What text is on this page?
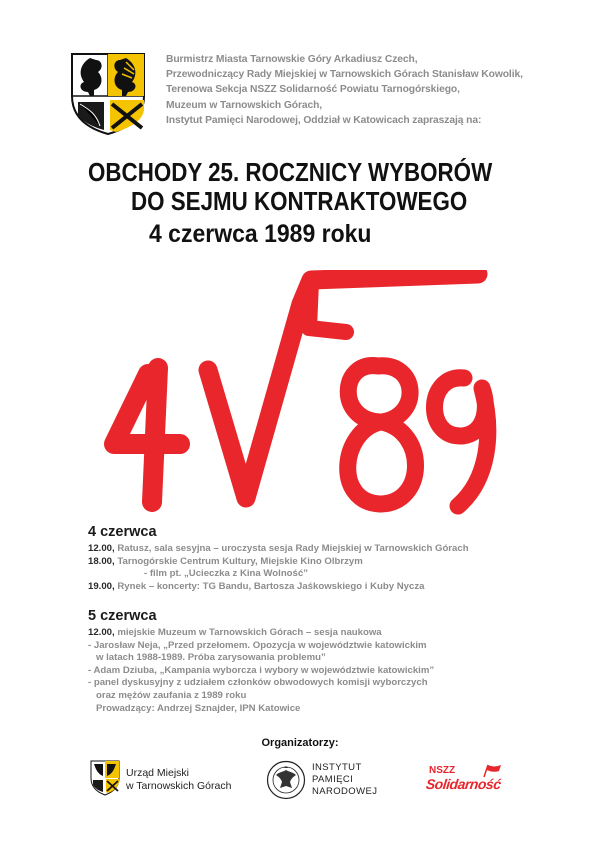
Burmistrz Miasta Tarnowskie Góry Arkadiusz Czech,
Przewodniczący Rady Miejskiej w Tarnowskich Górach Stanisław Kowolik,
Terenowa Sekcja NSZZ Solidarność Powiatu Tarnogórskiego,
Muzeum w Tarnowskich Górach,
Instytut Pamięci Narodowej, Oddział w Katowicach zapraszają na:
OBCHODY 25. ROCZNICY WYBORÓW
DO SEJMU KONTRAKTOWEGO
4 czerwca 1989 roku
4 czerwca
12.00, Ratusz, sala sesyjna – uroczysta sesja Rady Miejskiej w Tarnowskich Górach
18.00, Tarnogórskie Centrum Kultury, Miejskie Kino Olbrzym
- film pt. „Ucieczka z Kina Wolność”
19.00, Rynek – koncerty: TG Bandu, Bartosza Jaśkowskiego i Kuby Nycza
5 czerwca
12.00, miejskie Muzeum w Tarnowskich Górach – sesja naukowa
- Jarosław Neja, „Przed przełomem. Opozycja w województwie katowickim
w latach 1988-1989. Próba zarysowania problemu”
- Adam Dziuba, „Kampania wyborcza i wybory w województwie katowickim”
- panel dyskusyjny z udziałem członków obwodowych komisji wyborczych
oraz mężów zaufania z 1989 roku
Prowadzący: Andrzej Sznajder, IPN Katowice
Organizatorzy:
Urząd Miejski
w Tarnowskich Górach
INSTYTUT
PAMIĘCI
NARODOWEJ
NSZZ
Solidarność
